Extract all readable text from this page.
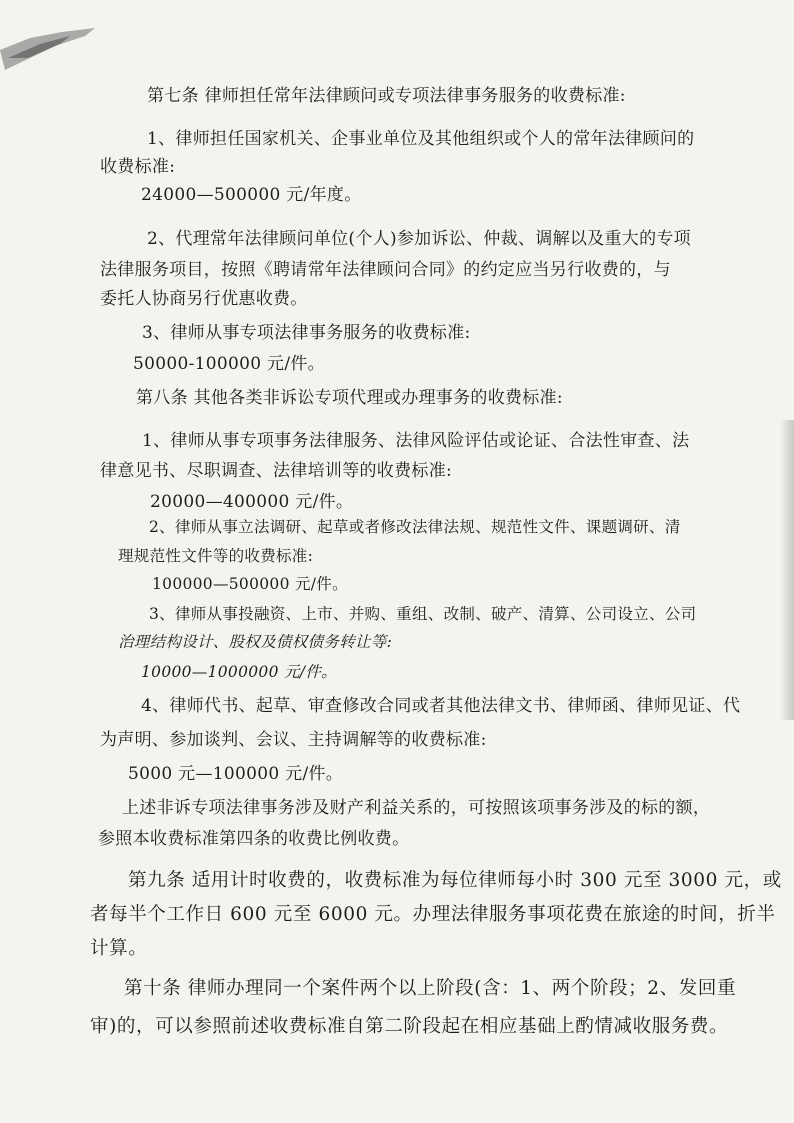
第七条 律师担任常年法律顾问或专项法律事务服务的收费标准:
1、律师担任国家机关、企事业单位及其他组织或个人的常年法律顾问的
收费标准:
24000—500000 元/年度。
2、代理常年法律顾问单位(个人)参加诉讼、仲裁、调解以及重大的专项
法律服务项目，按照《聘请常年法律顾问合同》的约定应当另行收费的，与
委托人协商另行优惠收费。
3、律师从事专项法律事务服务的收费标准:
50000-100000 元/件。
第八条 其他各类非诉讼专项代理或办理事务的收费标准:
1、律师从事专项事务法律服务、法律风险评估或论证、合法性审查、法
律意见书、尽职调查、法律培训等的收费标准:
20000—400000 元/件。
2、律师从事立法调研、起草或者修改法律法规、规范性文件、课题调研、清
理规范性文件等的收费标准:
100000—500000 元/件。
3、律师从事投融资、上市、并购、重组、改制、破产、清算、公司设立、公司
治理结构设计、股权及债权债务转让等:
10000—1000000 元/件。
4、律师代书、起草、审查修改合同或者其他法律文书、律师函、律师见证、代
为声明、参加谈判、会议、主持调解等的收费标准:
5000 元—100000 元/件。
上述非诉专项法律事务涉及财产利益关系的，可按照该项事务涉及的标的额，
参照本收费标准第四条的收费比例收费。
第九条 适用计时收费的，收费标准为每位律师每小时 300 元至 3000 元，或
者每半个工作日 600 元至 6000 元。办理法律服务事项花费在旅途的时间，折半
计算。
第十条 律师办理同一个案件两个以上阶段(含：1、两个阶段；2、发回重
审)的，可以参照前述收费标准自第二阶段起在相应基础上酌情减收服务费。
